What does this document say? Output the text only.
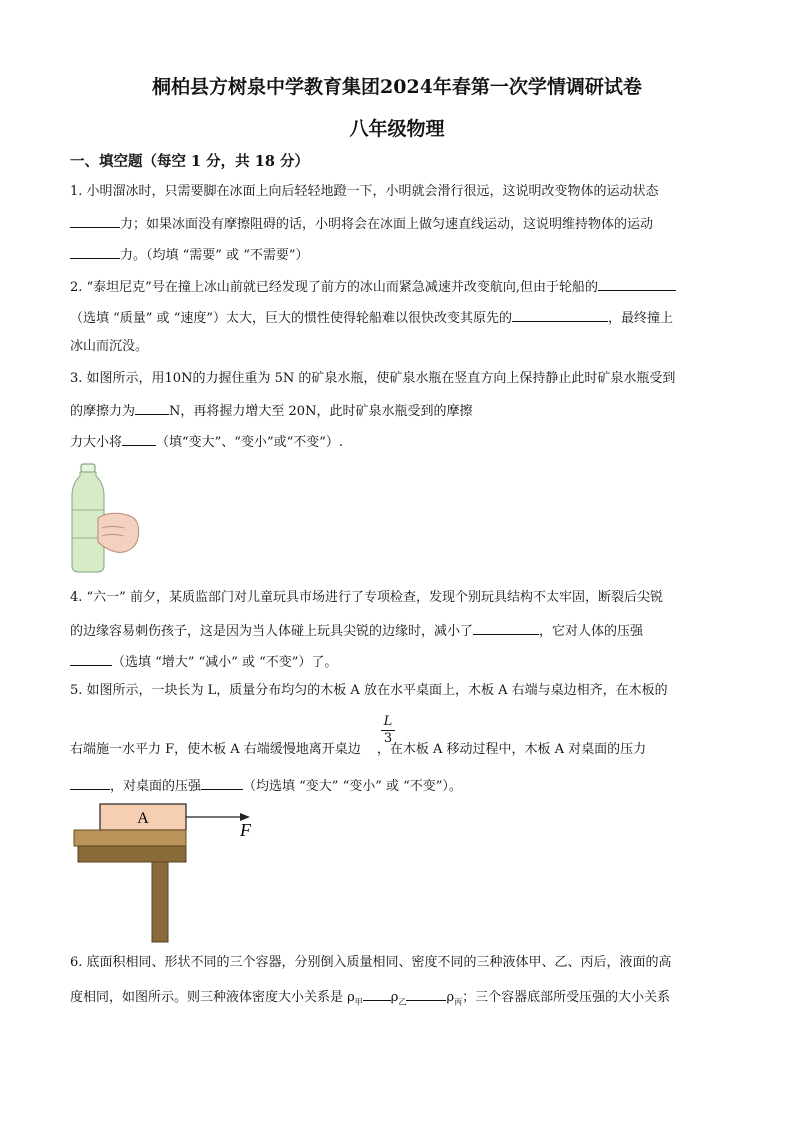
桐柏县方树泉中学教育集团2024年春第一次学情调研试卷
八年级物理
一、填空题（每空 1 分，共 18 分）
1. 小明溜冰时，只需要脚在冰面上向后轻轻地蹬一下，小明就会滑行很远，这说明改变物体的运动状态
力；如果冰面没有摩擦阻碍的话，小明将会在冰面上做匀速直线运动，这说明维持物体的运动
力。（均填 “需要” 或 “不需要”）
2. “泰坦尼克”号在撞上冰山前就已经发现了前方的冰山而紧急减速并改变航向,但由于轮船的
（选填 “质量” 或 “速度”）太大，巨大的惯性使得轮船难以很快改变其原先的	，最终撞上
冰山而沉没。
3. 如图所示，用10N的力握住重为 5N 的矿泉水瓶，使矿泉水瓶在竖直方向上保持静止此时矿泉水瓶受到
的摩擦力为	N，再将握力增大至 20N，此时矿泉水瓶受到的摩擦
力大小将	（填“变大”、“变小”或“不变”）.
4. “六一” 前夕，某质监部门对儿童玩具市场进行了专项检查，发现个别玩具结构不太牢固，断裂后尖锐
的边缘容易刺伤孩子，这是因为当人体碰上玩具尖锐的边缘时，减小了	，它对人体的压强
（选填 “增大” “减小” 或 “不变”）了。
5. 如图所示，一块长为 L，质量分布均匀的木板 A 放在水平桌面上，木板 A 右端与桌边相齐，在木板的
$\frac{L}{3}$
右端施一水平力 F，使木板 A 右端缓慢地离开桌边 ，在木板 A 移动过程中，木板 A 对桌面的压力
，对桌面的压强	（均选填 “变大” “变小” 或 “不变”）。
A
F
6. 底面积相同、形状不同的三个容器，分别倒入质量相同、密度不同的三种液体甲、乙、丙后，液面的高
度相同，如图所示。则三种液体密度大小关系是 $\rho_甲$ $\rho_乙$	$\rho_丙$；三个容器底部所受压强的大小关系
